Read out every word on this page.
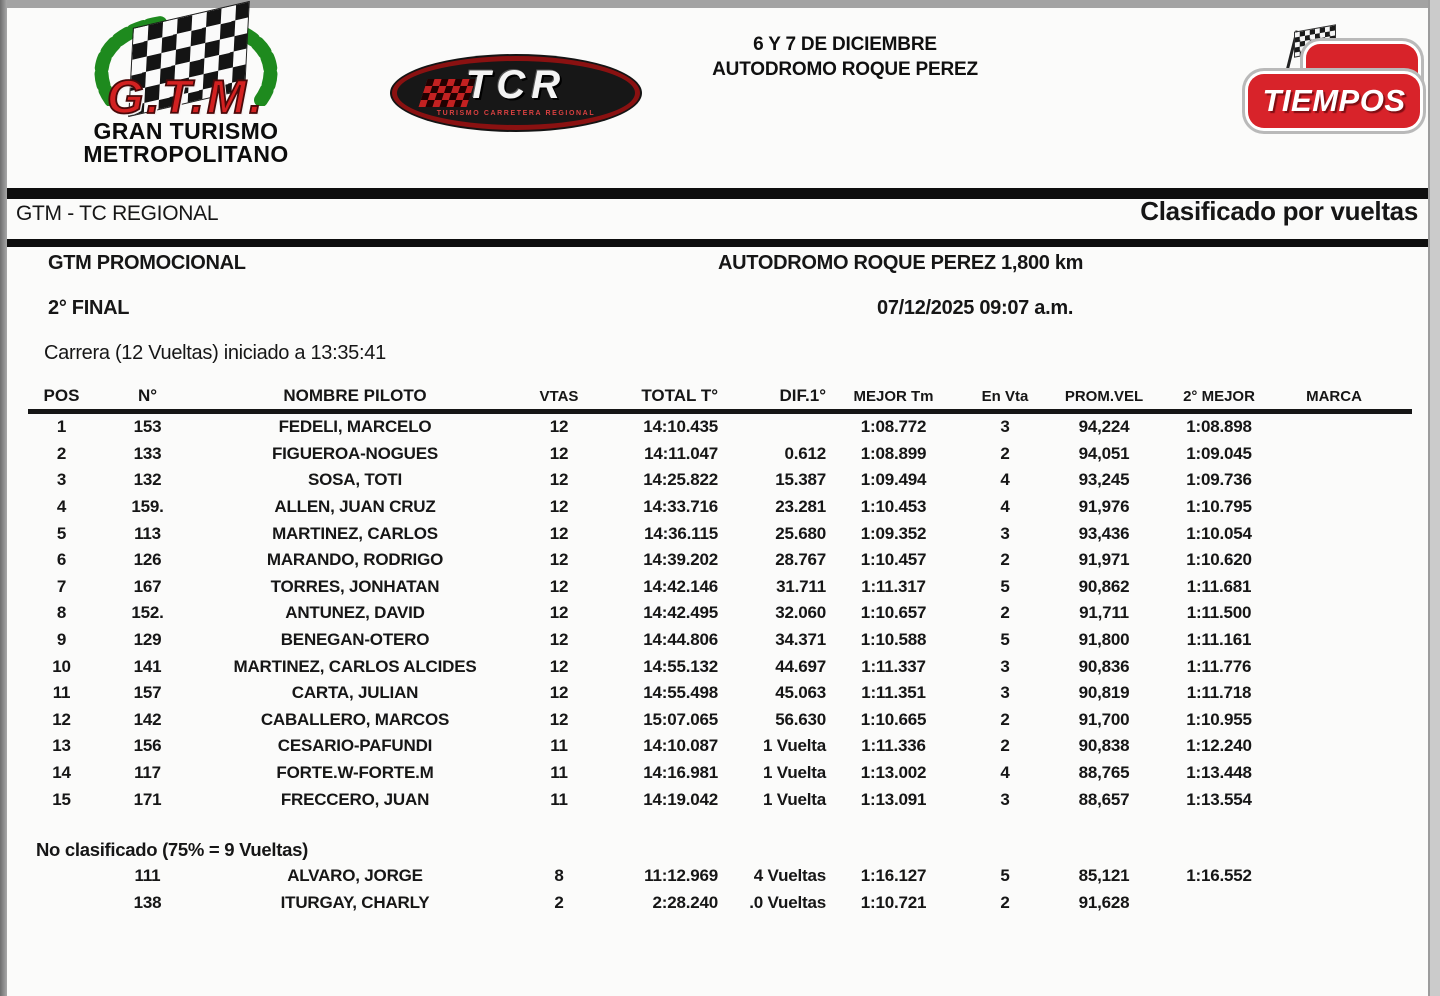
G.T.M.
GRAN TURISMO
METROPOLITANO
TCR
TURISMO CARRETERA REGIONAL
6 Y 7 DE DICIEMBRE
AUTODROMO ROQUE PEREZ
TIEMPOS
GTM - TC REGIONAL	Clasificado por vueltas
GTM PROMOCIONAL	AUTODROMO ROQUE PEREZ 1,800 km
2° FINAL	07/12/2025 09:07 a.m.
Carrera (12 Vueltas) iniciado a 13:35:41
POS	N°	NOMBRE PILOTO	VTAS	TOTAL T°	DIF.1°	MEJOR Tm	En Vta	PROM.VEL	2° MEJOR	MARCA	
1	153	FEDELI, MARCELO	12	14:10.435		1:08.772	3	94,224	1:08.898		
2	133	FIGUEROA-NOGUES	12	14:11.047	0.612	1:08.899	2	94,051	1:09.045		
3	132	SOSA, TOTI	12	14:25.822	15.387	1:09.494	4	93,245	1:09.736		
4	159.	ALLEN, JUAN CRUZ	12	14:33.716	23.281	1:10.453	4	91,976	1:10.795		
5	113	MARTINEZ, CARLOS	12	14:36.115	25.680	1:09.352	3	93,436	1:10.054		
6	126	MARANDO, RODRIGO	12	14:39.202	28.767	1:10.457	2	91,971	1:10.620		
7	167	TORRES, JONHATAN	12	14:42.146	31.711	1:11.317	5	90,862	1:11.681		
8	152.	ANTUNEZ, DAVID	12	14:42.495	32.060	1:10.657	2	91,711	1:11.500		
9	129	BENEGAN-OTERO	12	14:44.806	34.371	1:10.588	5	91,800	1:11.161		
10	141	MARTINEZ, CARLOS ALCIDES	12	14:55.132	44.697	1:11.337	3	90,836	1:11.776		
11	157	CARTA, JULIAN	12	14:55.498	45.063	1:11.351	3	90,819	1:11.718		
12	142	CABALLERO, MARCOS	12	15:07.065	56.630	1:10.665	2	91,700	1:10.955		
13	156	CESARIO-PAFUNDI	11	14:10.087	1 Vuelta	1:11.336	2	90,838	1:12.240		
14	117	FORTE.W-FORTE.M	11	14:16.981	1 Vuelta	1:13.002	4	88,765	1:13.448		
15	171	FRECCERO, JUAN	11	14:19.042	1 Vuelta	1:13.091	3	88,657	1:13.554		
No clasificado (75% = 9 Vueltas)
	111	ALVARO, JORGE	8	11:12.969	4 Vueltas	1:16.127	5	85,121	1:16.552		
	138	ITURGAY, CHARLY	2	2:28.240	.0 Vueltas	1:10.721	2	91,628			
